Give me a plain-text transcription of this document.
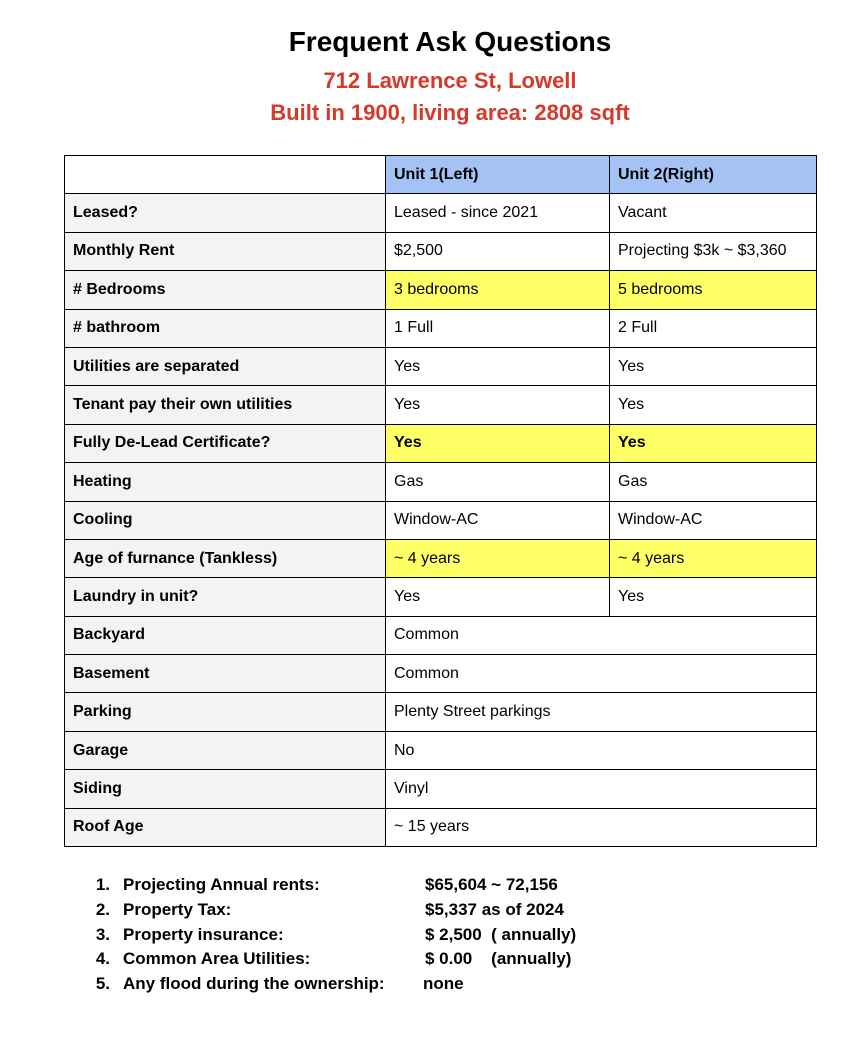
Frequent Ask Questions
712 Lawrence St, Lowell
Built in 1900, living area: 2808 sqft
	Unit 1(Left)	Unit 2(Right)
Leased?	Leased - since 2021	Vacant
Monthly Rent	$2,500	Projecting $3k ~ $3,360
# Bedrooms	3 bedrooms	5 bedrooms
# bathroom	1 Full	2 Full
Utilities are separated	Yes	Yes
Tenant pay their own utilities	Yes	Yes
Fully De-Lead Certificate?	Yes	Yes
Heating	Gas	Gas
Cooling	Window-AC	Window-AC
Age of furnance (Tankless)	~ 4 years	~ 4 years
Laundry in unit?	Yes	Yes
Backyard	Common	
Basement	Common	
Parking	Plenty Street parkings	
Garage	No	
Siding	Vinyl	
Roof Age	~ 15 years	
1. Projecting Annual rents:	$65,604 ~ 72,156
2. Property Tax:	$5,337 as of 2024
3. Property insurance:	$ 2,500  ( annually)
4. Common Area Utilities:	$ 0.00    (annually)
5. Any flood during the ownership: none
